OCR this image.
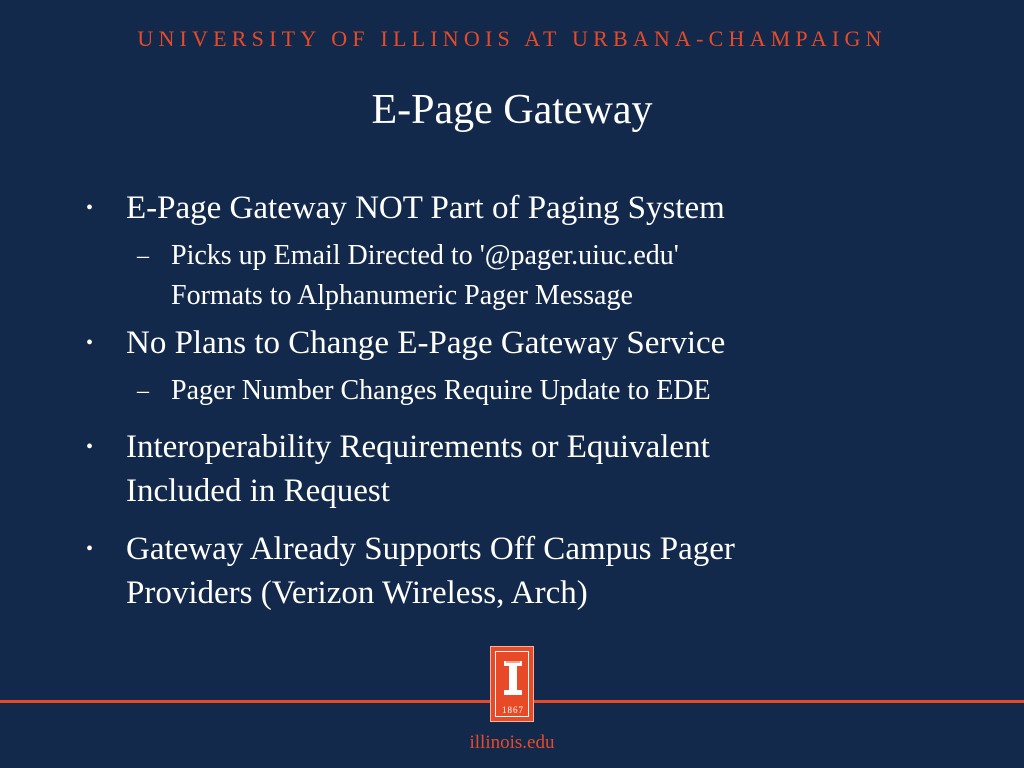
UNIVERSITY OF ILLINOIS AT URBANA-CHAMPAIGN
E-Page Gateway
• E-Page Gateway NOT Part of Paging System
– Picks up Email Directed to '@pager.uiuc.edu'
Formats to Alphanumeric Pager Message
• No Plans to Change E-Page Gateway Service
– Pager Number Changes Require Update to EDE
• Interoperability Requirements or Equivalent
Included in Request
• Gateway Already Supports Off Campus Pager
Providers (Verizon Wireless, Arch)
1867
illinois.edu
